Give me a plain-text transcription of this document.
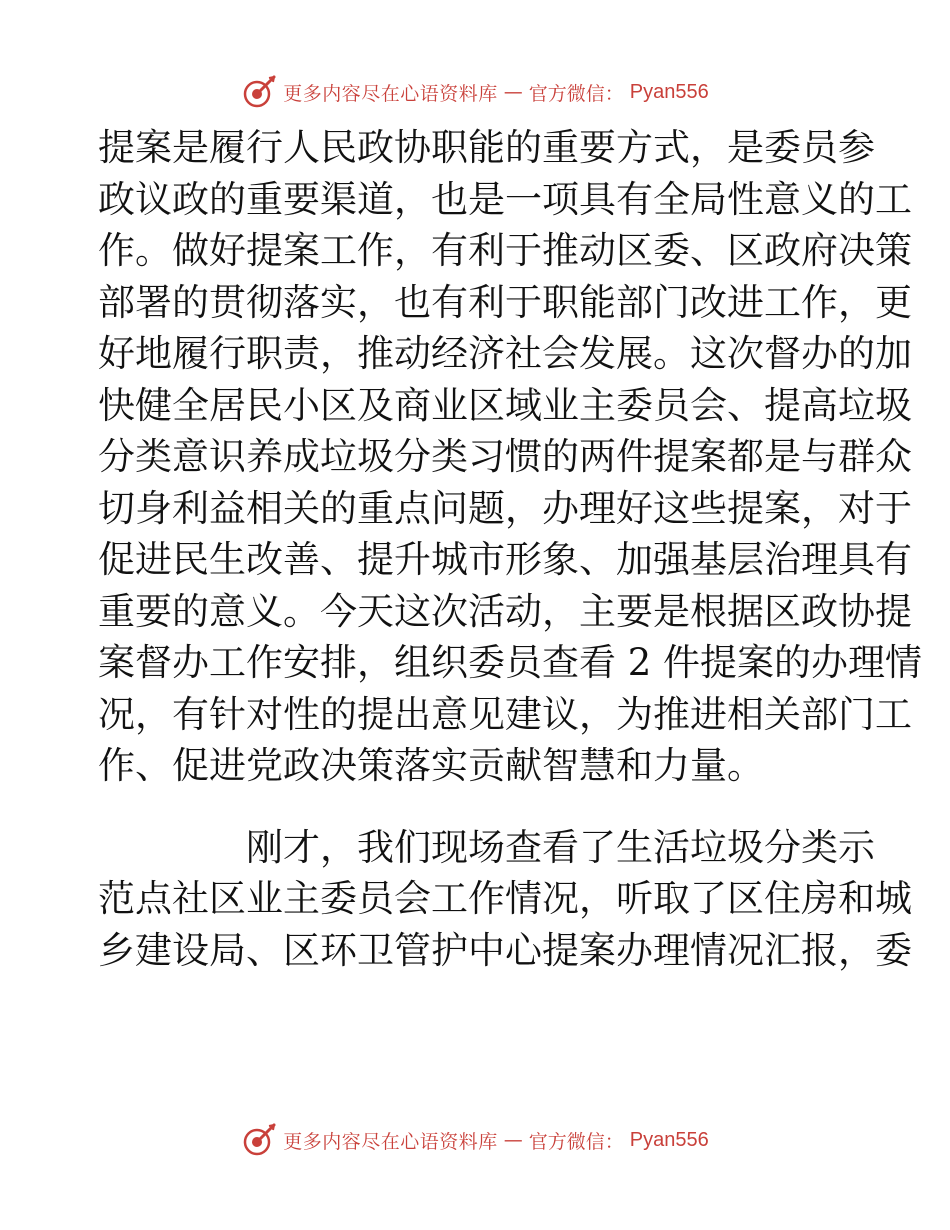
更多内容尽在心语资料库 — 官方微信： Pyan556
提案是履行人民政协职能的重要方式，是委员参
政议政的重要渠道，也是一项具有全局性意义的工
作。做好提案工作，有利于推动区委、区政府决策
部署的贯彻落实，也有利于职能部门改进工作，更
好地履行职责，推动经济社会发展。这次督办的加
快健全居民小区及商业区域业主委员会、提高垃圾
分类意识养成垃圾分类习惯的两件提案都是与群众
切身利益相关的重点问题，办理好这些提案，对于
促进民生改善、提升城市形象、加强基层治理具有
重要的意义。今天这次活动，主要是根据区政协提
案督办工作安排，组织委员查看 2 件提案的办理情
况，有针对性的提出意见建议，为推进相关部门工
作、促进党政决策落实贡献智慧和力量。
刚才，我们现场查看了生活垃圾分类示
范点社区业主委员会工作情况，听取了区住房和城
乡建设局、区环卫管护中心提案办理情况汇报，委
更多内容尽在心语资料库 — 官方微信： Pyan556
